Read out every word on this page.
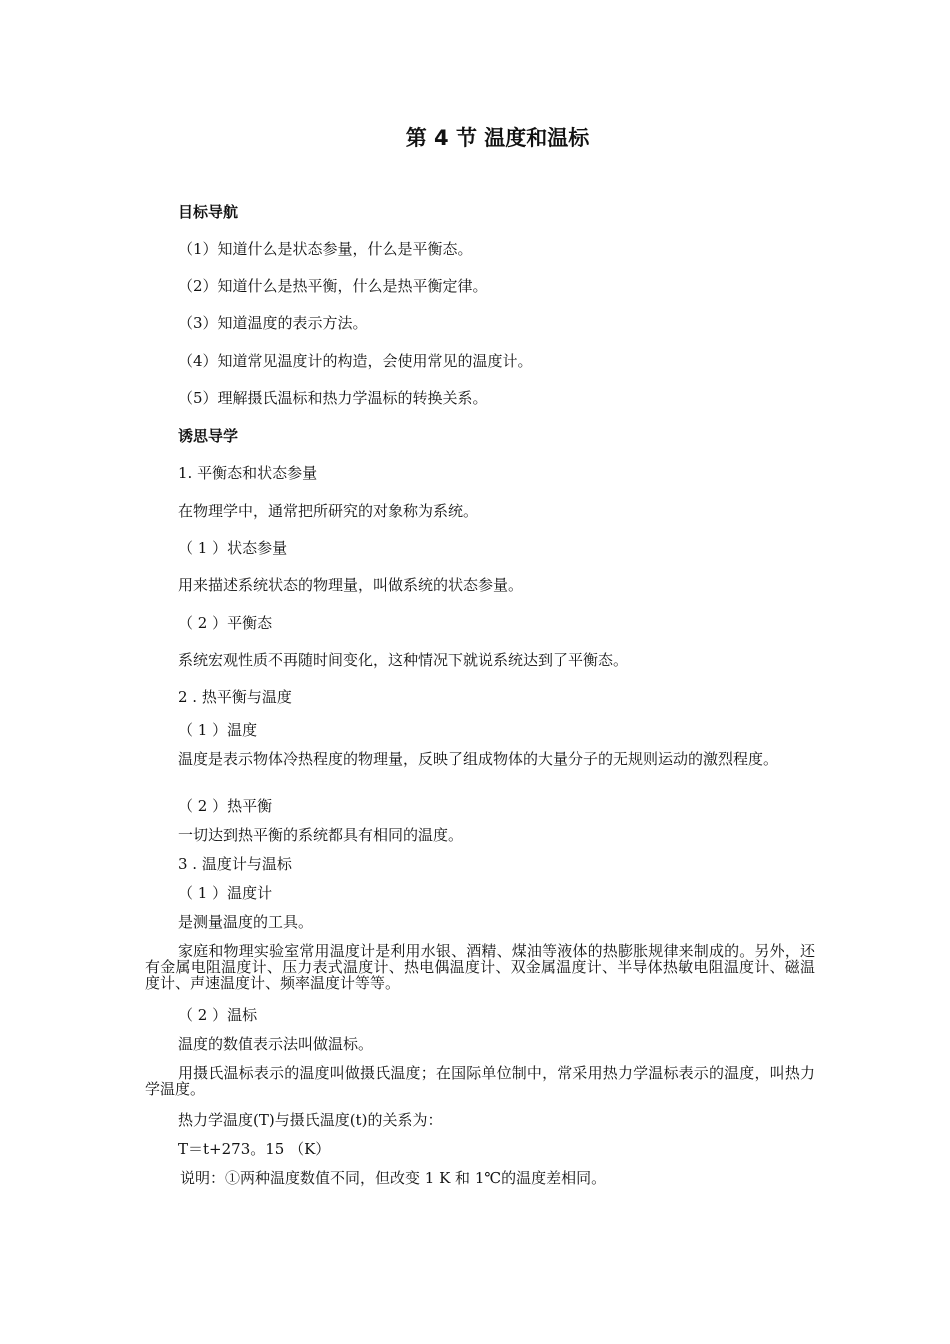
第 4 节 温度和温标
目标导航
（1）知道什么是状态参量，什么是平衡态。
（2）知道什么是热平衡，什么是热平衡定律。
（3）知道温度的表示方法。
（4）知道常见温度计的构造，会使用常见的温度计。
（5）理解摄氏温标和热力学温标的转换关系。
诱思导学
1. 平衡态和状态参量
在物理学中，通常把所研究的对象称为系统。
（ 1 ）状态参量
用来描述系统状态的物理量，叫做系统的状态参量。
（ 2 ）平衡态
系统宏观性质不再随时间变化，这种情况下就说系统达到了平衡态。
2 . 热平衡与温度
（ 1 ）温度
温度是表示物体冷热程度的物理量，反映了组成物体的大量分子的无规则运动的激烈程度。
（ 2 ）热平衡
一切达到热平衡的系统都具有相同的温度。
3 . 温度计与温标
（ 1 ）温度计
是测量温度的工具。
家庭和物理实验室常用温度计是利用水银、酒精、煤油等液体的热膨胀规律来制成的。另外，还有金属电阻温度计、压力表式温度计、热电偶温度计、双金属温度计、半导体热敏电阻温度计、磁温度计、声速温度计、频率温度计等等。
（ 2 ）温标
温度的数值表示法叫做温标。
用摄氏温标表示的温度叫做摄氏温度；在国际单位制中，常采用热力学温标表示的温度，叫热力学温度。
热力学温度(T)与摄氏温度(t)的关系为：
T＝t+273。15 （K）
说明：①两种温度数值不同，但改变 1 K 和 1℃的温度差相同。
